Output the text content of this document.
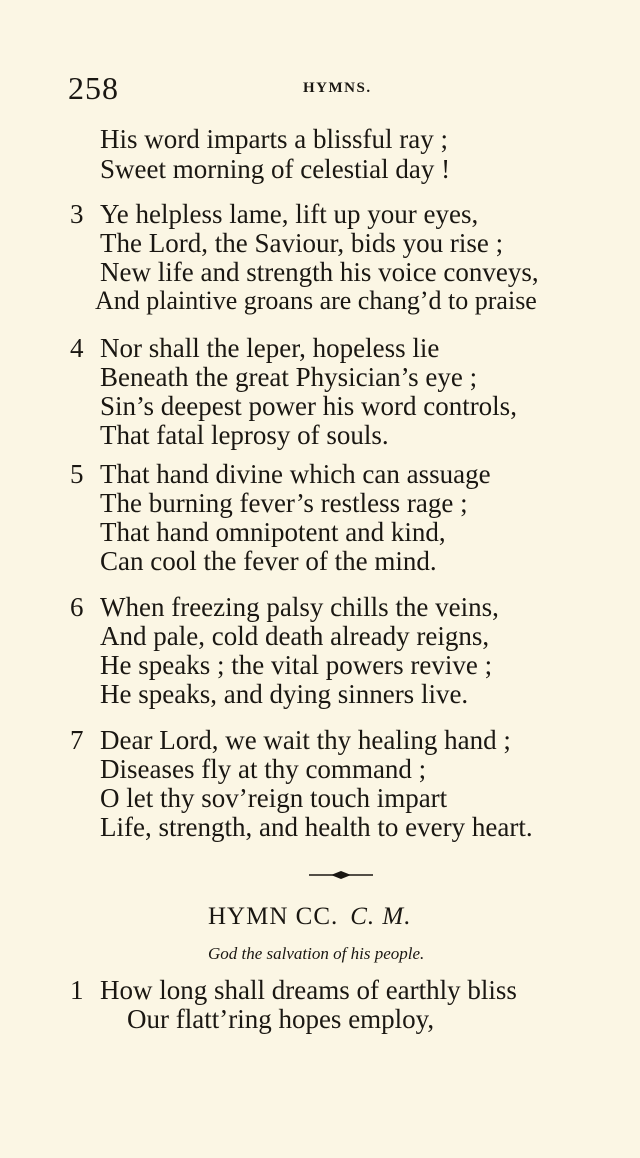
258	HYMNS.
His word imparts a blissful ray ;
Sweet morning of celestial day !
3 Ye helpless lame, lift up your eyes,
The Lord, the Saviour, bids you rise ;
New life and strength his voice conveys,
And plaintive groans are chang’d to praise
4 Nor shall the leper, hopeless lie
Beneath the great Physician’s eye ;
Sin’s deepest power his word controls,
That fatal leprosy of souls.
5 That hand divine which can assuage
The burning fever’s restless rage ;
That hand omnipotent and kind,
Can cool the fever of the mind.
6 When freezing palsy chills the veins,
And pale, cold death already reigns,
He speaks ; the vital powers revive ;
He speaks, and dying sinners live.
7 Dear Lord, we wait thy healing hand ;
Diseases fly at thy command ;
O let thy sov’reign touch impart
Life, strength, and health to every heart.
HYMN CC. C. M.
God the salvation of his people.
1 How long shall dreams of earthly bliss
Our flatt’ring hopes employ,
